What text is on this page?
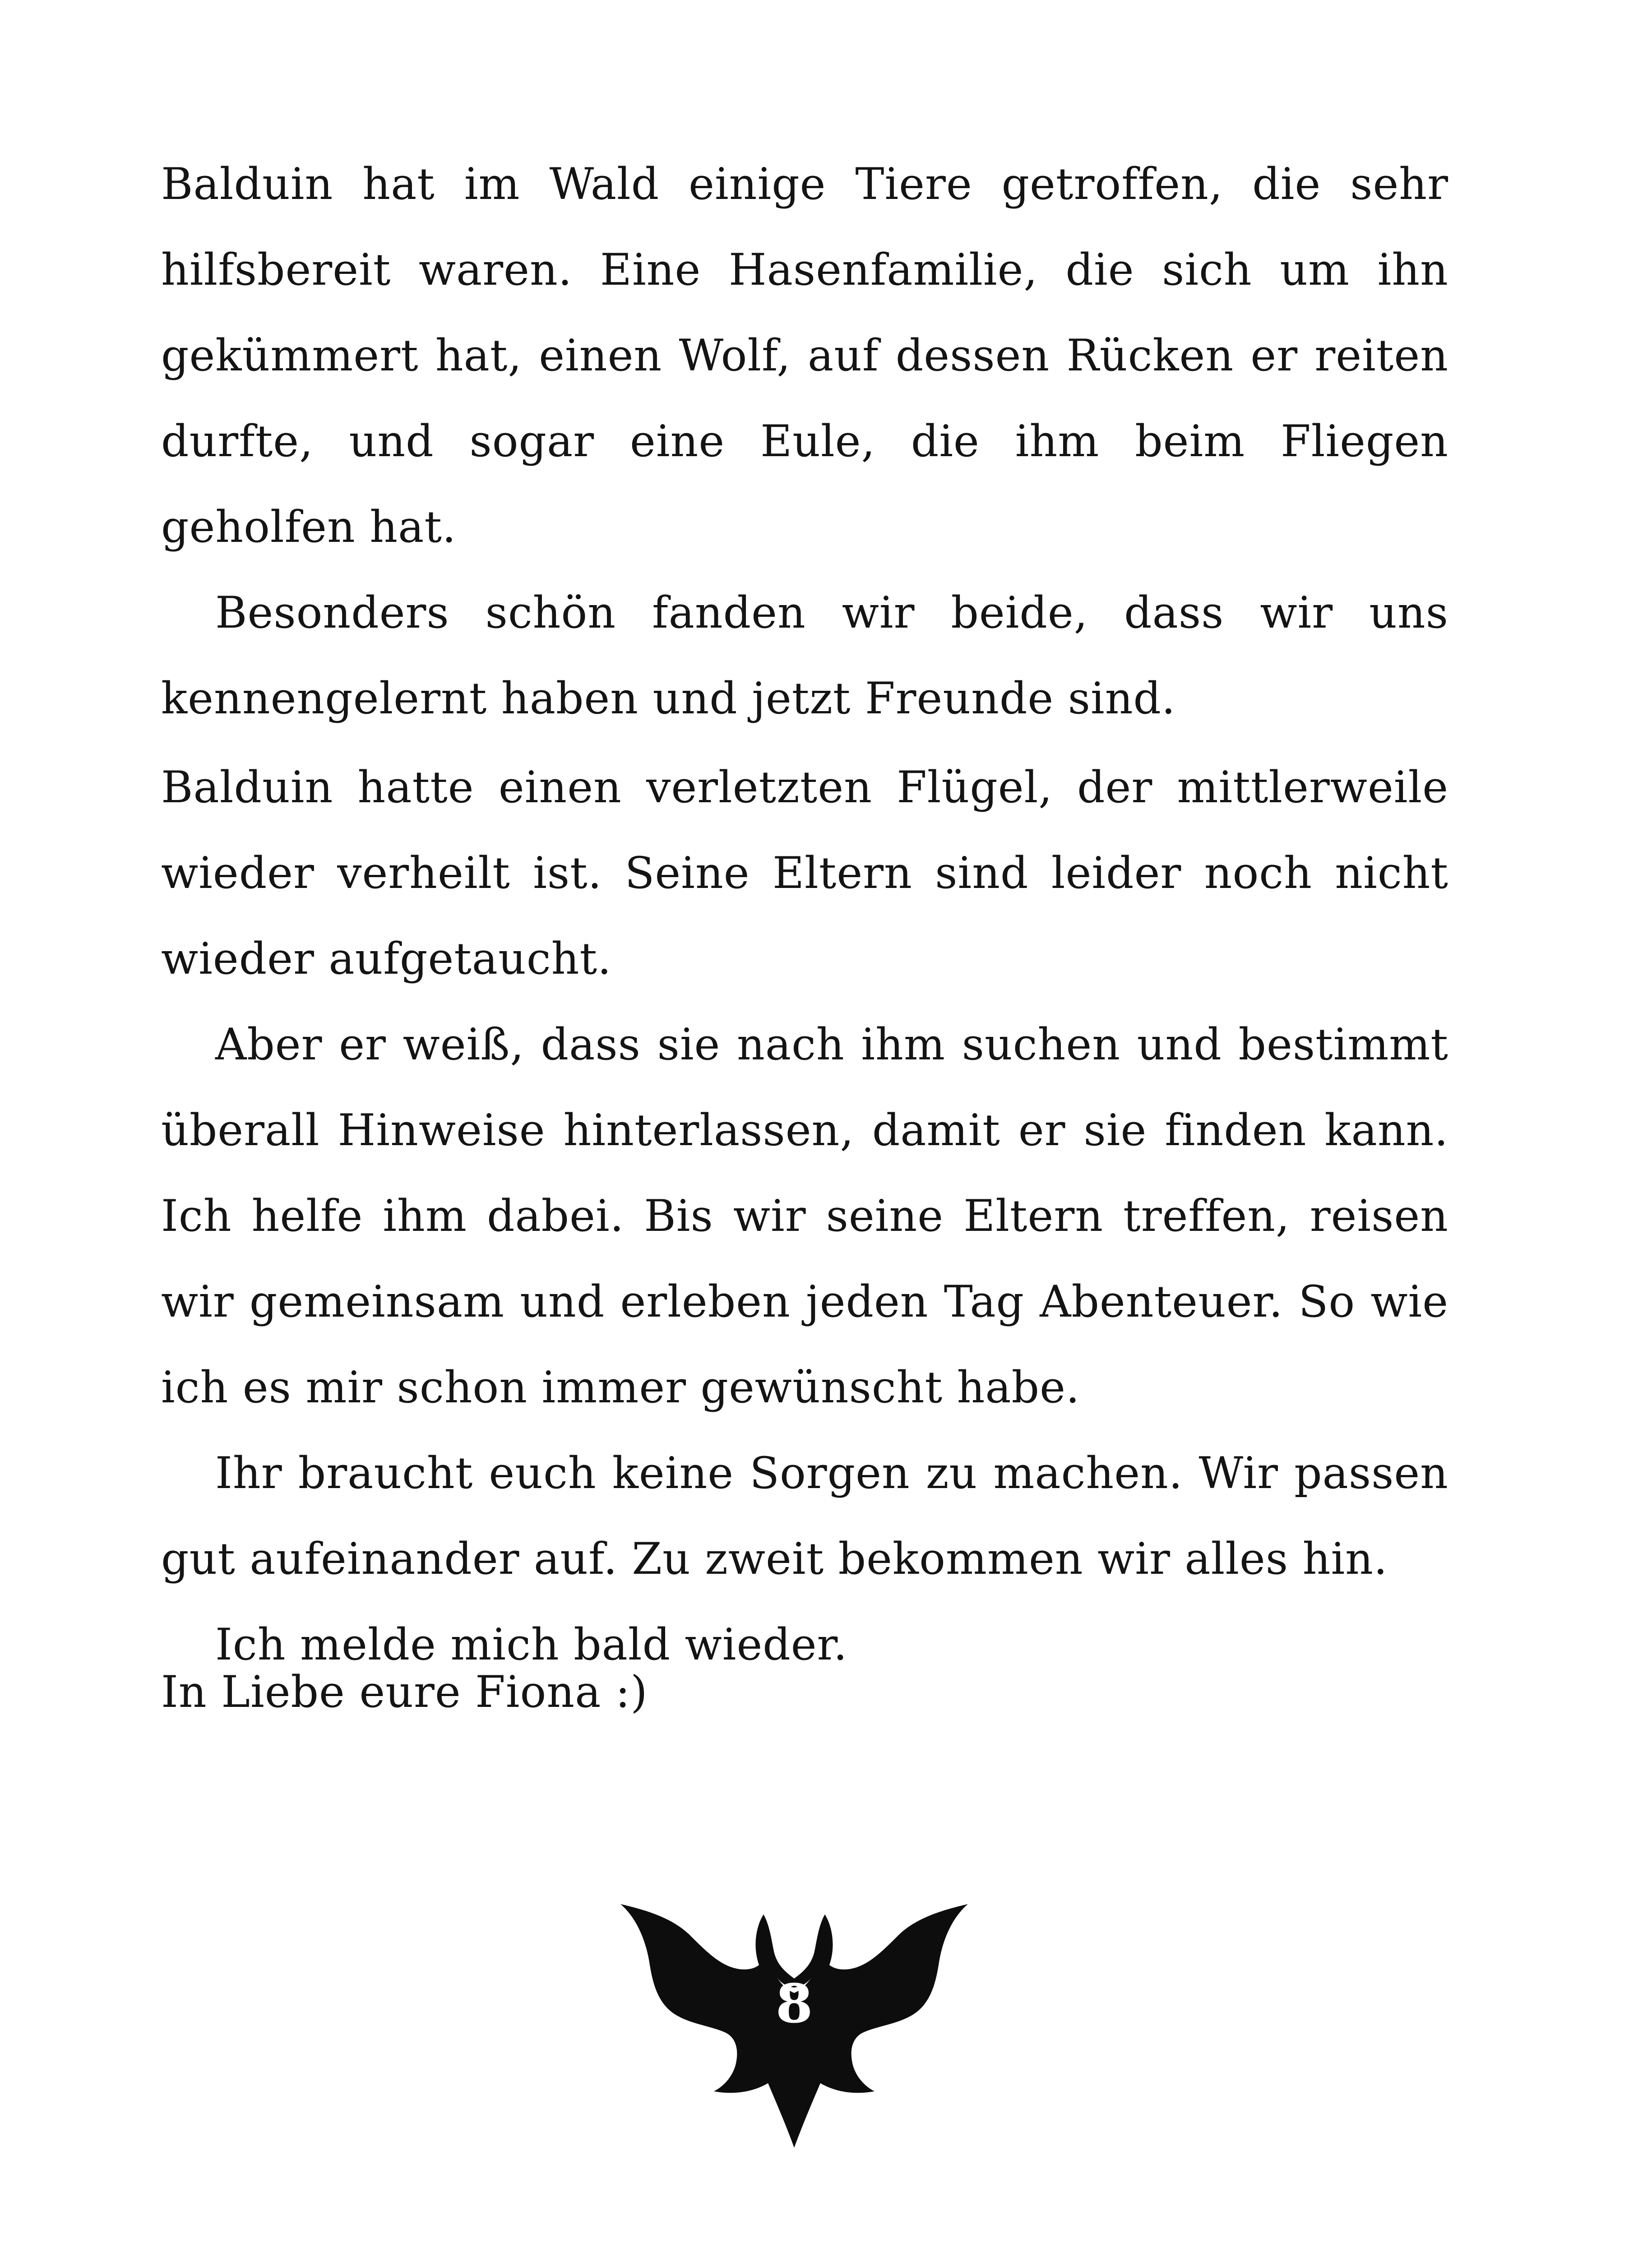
Balduin hat im Wald einige Tiere getroffen, die sehr hilfsbereit waren. Eine Hasenfamilie, die sich um ihn gekümmert hat, einen Wolf, auf dessen Rücken er reiten durfte, und sogar eine Eule, die ihm beim Fliegen geholfen hat.

Besonders schön fanden wir beide, dass wir uns kennengelernt haben und jetzt Freunde sind.

Balduin hatte einen verletzten Flügel, der mittlerweile wieder verheilt ist. Seine Eltern sind leider noch nicht wieder aufgetaucht.

Aber er weiß, dass sie nach ihm suchen und bestimmt überall Hinweise hinterlassen, damit er sie finden kann. Ich helfe ihm dabei. Bis wir seine Eltern treffen, reisen wir gemeinsam und erleben jeden Tag Abenteuer. So wie ich es mir schon immer gewünscht habe.

Ihr braucht euch keine Sorgen zu machen. Wir passen gut aufeinander auf. Zu zweit bekommen wir alles hin.

Ich melde mich bald wieder.

In Liebe eure Fiona :)

8
